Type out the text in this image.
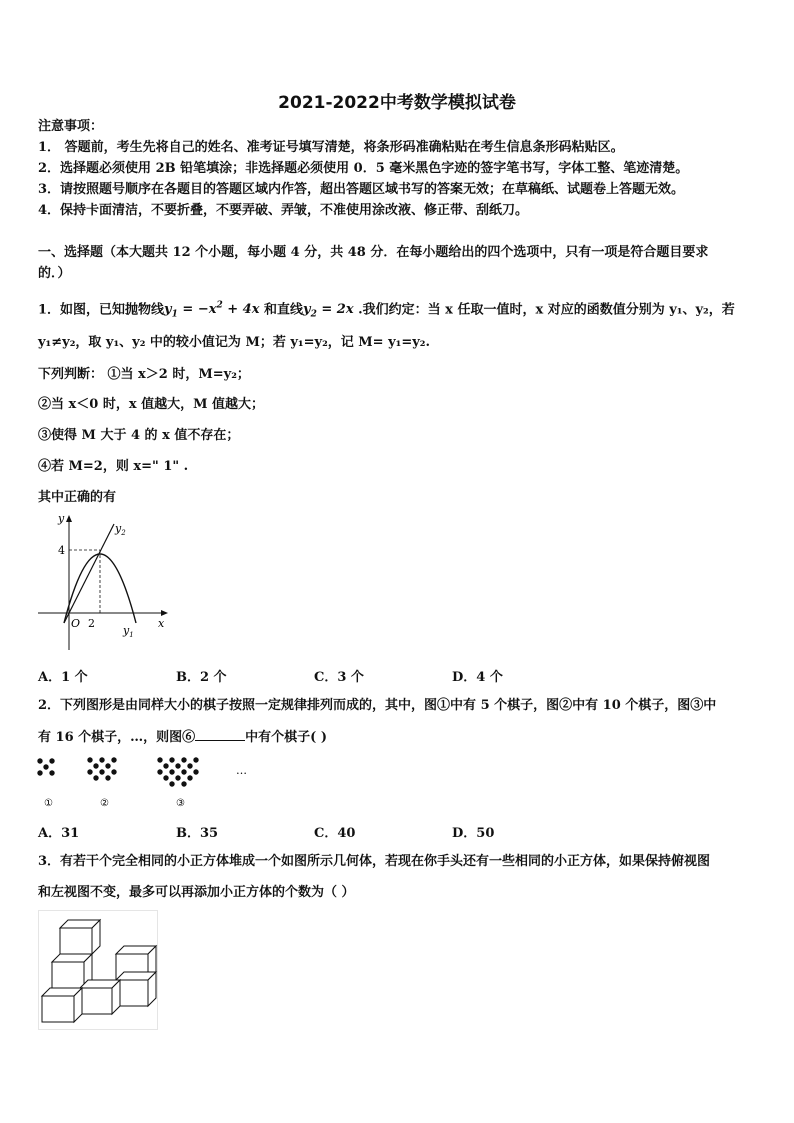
2021-2022中考数学模拟试卷
注意事项：
1． 答题前，考生先将自己的姓名、准考证号填写清楚，将条形码准确粘贴在考生信息条形码粘贴区。
2．选择题必须使用 2B 铅笔填涂；非选择题必须使用 0．5 毫米黑色字迹的签字笔书写，字体工整、笔迹清楚。
3．请按照题号顺序在各题目的答题区域内作答，超出答题区域书写的答案无效；在草稿纸、试题卷上答题无效。
4．保持卡面清洁，不要折叠，不要弄破、弄皱，不准使用涂改液、修正带、刮纸刀。
一、选择题（本大题共 12 个小题，每小题 4 分，共 48 分．在每小题给出的四个选项中，只有一项是符合题目要求
的．）
1．如图，已知抛物线$y_1 = -x^2 + 4x$ 和直线$y_2 = 2x$ .我们约定：当 x 任取一值时，x 对应的函数值分别为 y₁、y₂，若
y₁≠y₂，取 y₁、y₂ 中的较小值记为 M；若 y₁=y₂，记 M= y₁=y₂.
下列判断： ①当 x＞2 时，M=y₂；
②当 x＜0 时，x 值越大，M 值越大；
③使得 M 大于 4 的 x 值不存在；
④若 M=2，则 x=" 1" .
其中正确的有
y
x
O 2
4
$y_2$
$y_1$
A．1 个	B．2 个	C．3 个	D．4 个
2．下列图形是由同样大小的棋子按照一定规律排列而成的，其中，图①中有 5 个棋子，图②中有 10 个棋子，图③中
有 16 个棋子，…，则图⑥	中有个棋子( )
…
①	②	③
A．31	B．35	C．40	D．50
3．有若干个完全相同的小正方体堆成一个如图所示几何体，若现在你手头还有一些相同的小正方体，如果保持俯视图
和左视图不变，最多可以再添加小正方体的个数为（ ）
